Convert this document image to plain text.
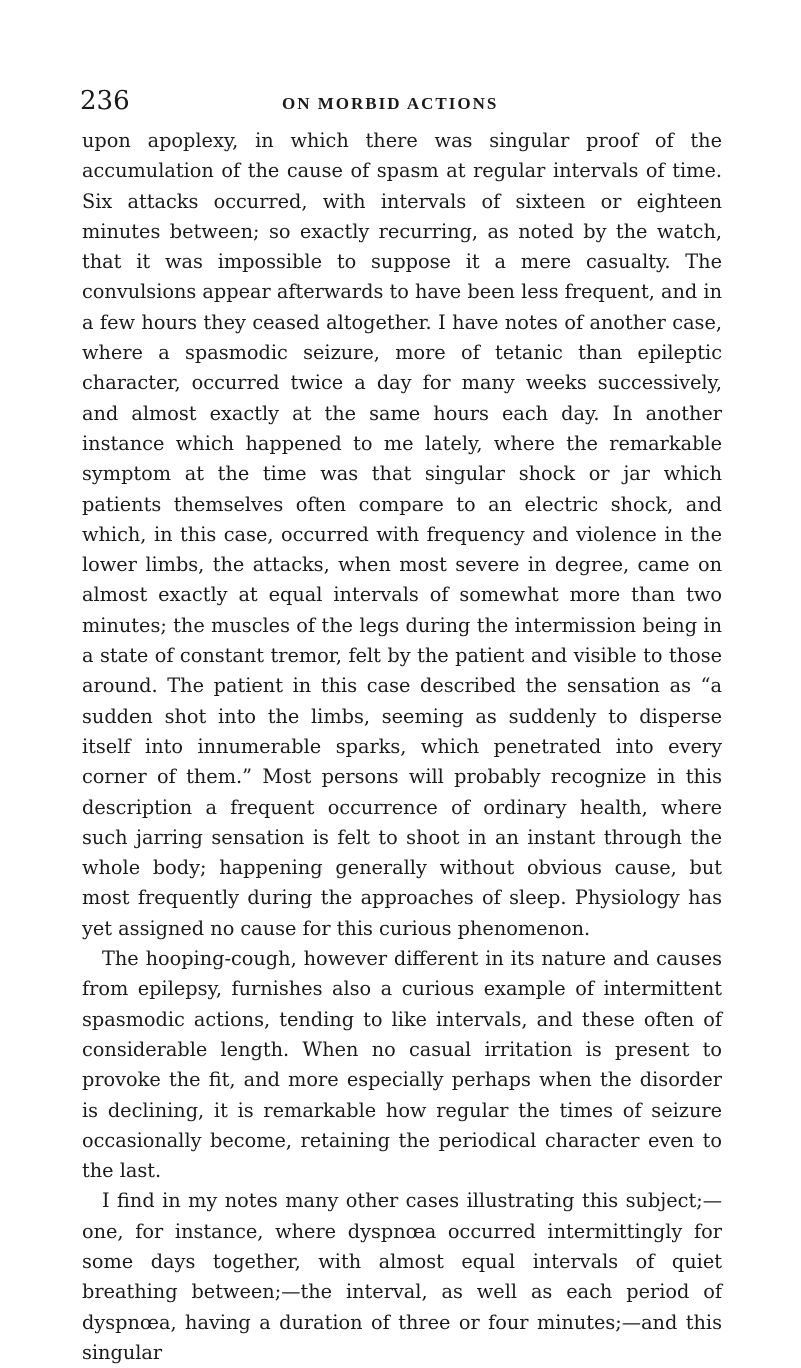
236	ON MORBID ACTIONS

upon apoplexy, in which there was singular proof of the accumulation of the cause of spasm at regular intervals of time. Six attacks occurred, with intervals of sixteen or eighteen minutes between; so exactly recurring, as noted by the watch, that it was impossible to suppose it a mere casualty. The convulsions appear afterwards to have been less frequent, and in a few hours they ceased altogether. I have notes of another case, where a spasmodic seizure, more of tetanic than epileptic character, occurred twice a day for many weeks successively, and almost exactly at the same hours each day. In another instance which happened to me lately, where the remarkable symptom at the time was that singular shock or jar which patients themselves often compare to an electric shock, and which, in this case, occurred with frequency and violence in the lower limbs, the attacks, when most severe in degree, came on almost exactly at equal intervals of somewhat more than two minutes; the muscles of the legs during the intermission being in a state of constant tremor, felt by the patient and visible to those around. The patient in this case described the sensation as “a sudden shot into the limbs, seeming as suddenly to disperse itself into innumerable sparks, which penetrated into every corner of them.” Most persons will probably recognize in this description a frequent occurrence of ordinary health, where such jarring sensation is felt to shoot in an instant through the whole body; happening generally without obvious cause, but most frequently during the approaches of sleep. Physiology has yet assigned no cause for this curious phenomenon.

The hooping-cough, however different in its nature and causes from epilepsy, furnishes also a curious example of intermittent spasmodic actions, tending to like intervals, and these often of considerable length. When no casual irritation is present to provoke the fit, and more especially perhaps when the disorder is declining, it is remarkable how regular the times of seizure occasionally become, retaining the periodical character even to the last.

I find in my notes many other cases illustrating this subject;—one, for instance, where dyspnœa occurred intermittingly for some days together, with almost equal intervals of quiet breathing between;—the interval, as well as each period of dyspnœa, having a duration of three or four minutes;—and this singular
